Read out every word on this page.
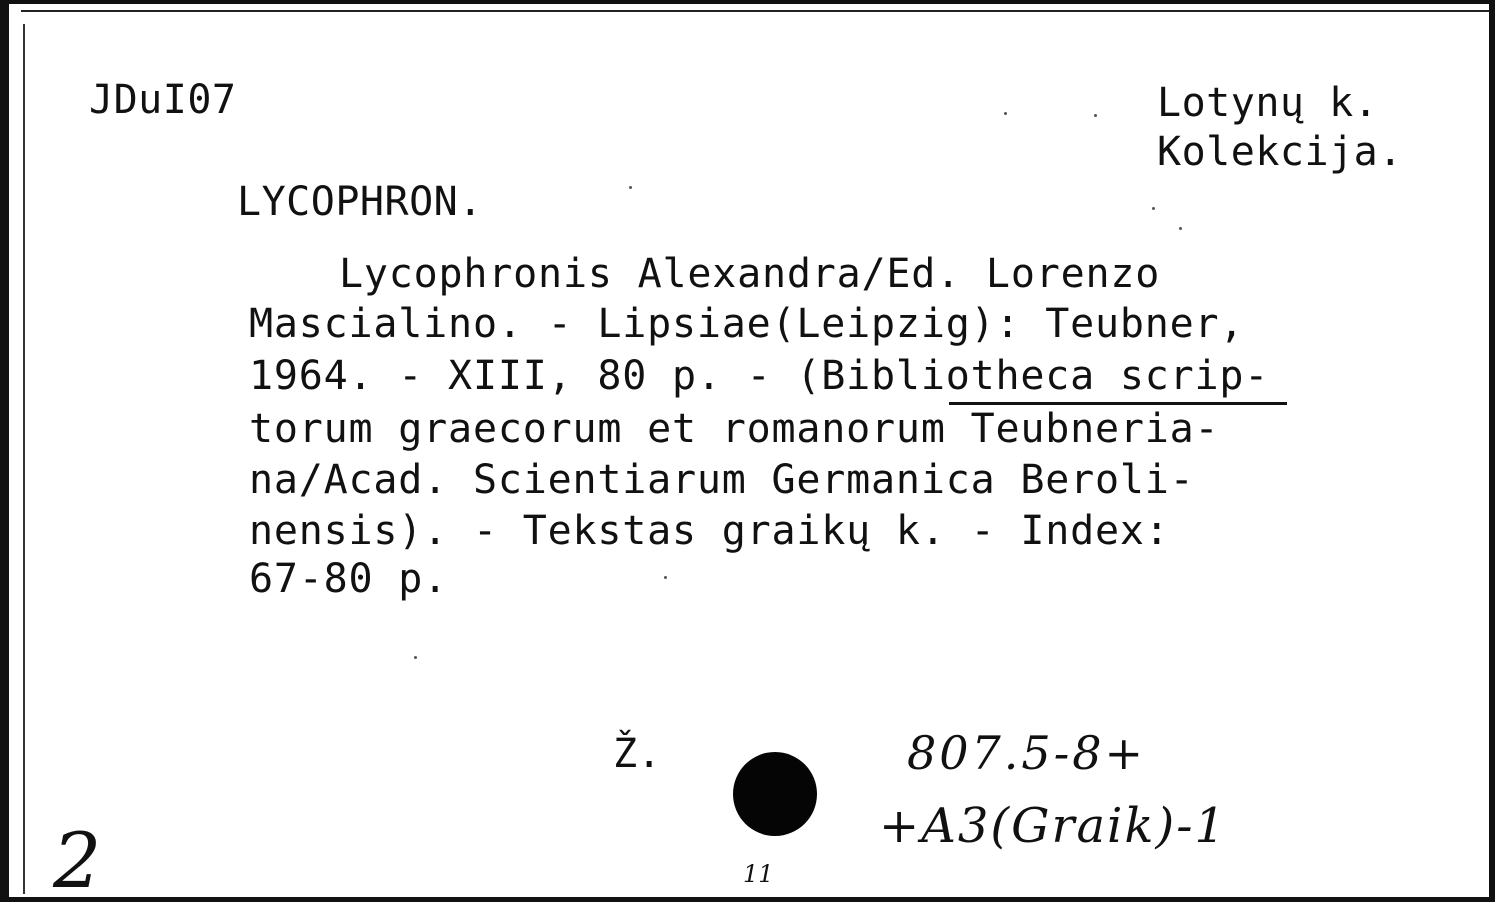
JDuI07	Lotynų k.
Kolekcija.
LYCOPHRON.
Lycophronis Alexandra/Ed. Lorenzo
Mascialino. - Lipsiae(Leipzig): Teubner,
1964. - XIII, 80 p. - (Bibliotheca scrip-
torum graecorum et romanorum Teubneria-
na/Acad. Scientiarum Germanica Beroli-
nensis). - Tekstas graikų k. - Index:
67-80 p.
Ž.	807.5-8+
+A3(Graik)-1
11
2
